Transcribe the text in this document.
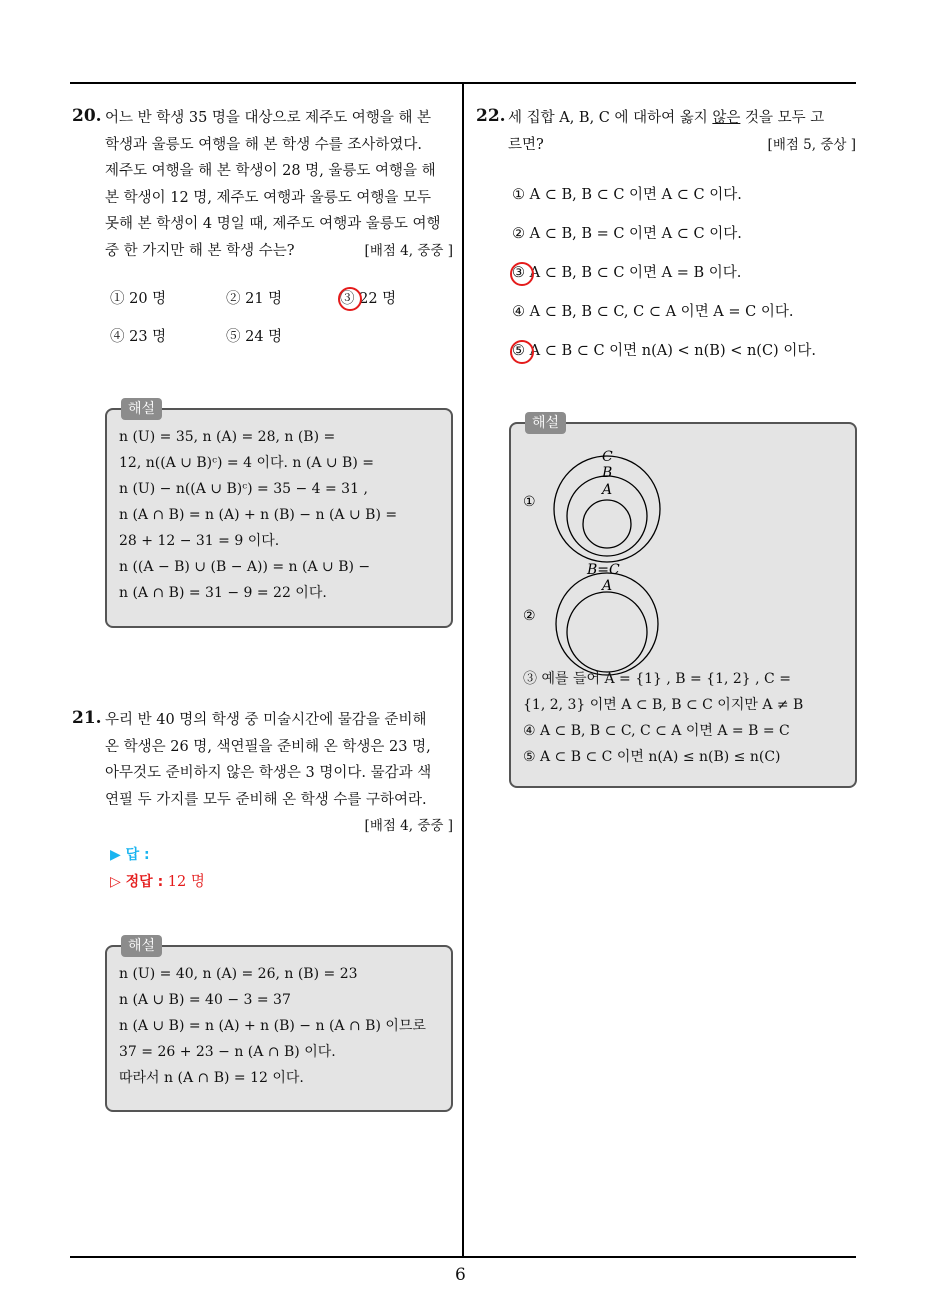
6
20. 어느 반 학생 35 명을 대상으로 제주도 여행을 해 본
학생과 울릉도 여행을 해 본 학생 수를 조사하였다.
제주도 여행을 해 본 학생이 28 명, 울릉도 여행을 해
본 학생이 12 명, 제주도 여행과 울릉도 여행을 모두
못해 본 학생이 4 명일 때, 제주도 여행과 울릉도 여행
중 한 가지만 해 본 학생 수는?	[배점 4, 중중 ]
① 20 명	② 21 명	③ 22 명
④ 23 명	⑤ 24 명
해설
n (U) = 35, n (A) = 28, n (B) =
12, n((A ∪ B)ᶜ) = 4 이다. n (A ∪ B) =
n (U) − n((A ∪ B)ᶜ) = 35 − 4 = 31 ,
n (A ∩ B) = n (A) + n (B) − n (A ∪ B) =
28 + 12 − 31 = 9 이다.
n ((A − B) ∪ (B − A)) = n (A ∪ B) −
n (A ∩ B) = 31 − 9 = 22 이다.
21. 우리 반 40 명의 학생 중 미술시간에 물감을 준비해
온 학생은 26 명, 색연필을 준비해 온 학생은 23 명,
아무것도 준비하지 않은 학생은 3 명이다. 물감과 색
연필 두 가지를 모두 준비해 온 학생 수를 구하여라.
[배점 4, 중중 ]
▶ 답 :
▷ 정답 : 12 명
해설
n (U) = 40, n (A) = 26, n (B) = 23
n (A ∪ B) = 40 − 3 = 37
n (A ∪ B) = n (A) + n (B) − n (A ∩ B) 이므로
37 = 26 + 23 − n (A ∩ B) 이다.
따라서 n (A ∩ B) = 12 이다.
22. 세 집합 A, B, C 에 대하여 옳지 않은 것을 모두 고
르면?	[배점 5, 중상 ]
① A ⊂ B, B ⊂ C 이면 A ⊂ C 이다.
② A ⊂ B, B = C 이면 A ⊂ C 이다.
③ A ⊂ B, B ⊂ C 이면 A = B 이다.
④ A ⊂ B, B ⊂ C, C ⊂ A 이면 A = C 이다.
⑤ A ⊂ B ⊂ C 이면 n(A) < n(B) < n(C) 이다.
해설
①
C
B
A
②
B=C
A
③ 예를 들어 A = {1} , B = {1, 2} , C =
{1, 2, 3} 이면 A ⊂ B, B ⊂ C 이지만 A ≠ B
④ A ⊂ B, B ⊂ C, C ⊂ A 이면 A = B = C
⑤ A ⊂ B ⊂ C 이면 n(A) ≤ n(B) ≤ n(C)
